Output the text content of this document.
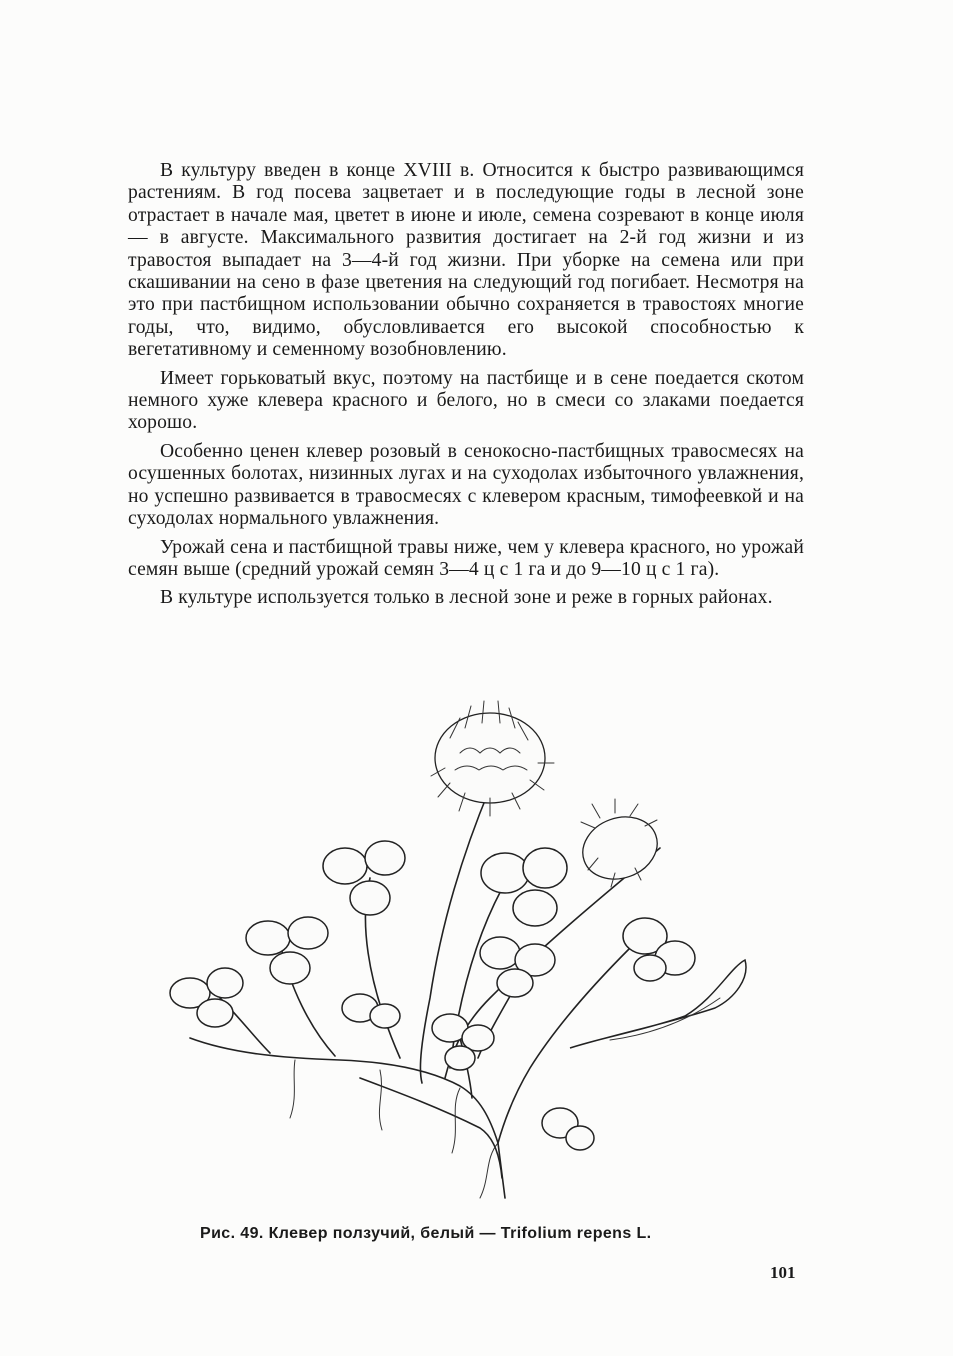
В культуру введен в конце XVIII в. Относится к быстро развивающимся растениям. В год посева зацветает и в последующие годы в лесной зоне отрастает в начале мая, цветет в июне и июле, семена созревают в конце июля — в августе. Максимального развития достигает на 2-й год жизни и из травостоя выпадает на 3—4-й год жизни. При уборке на семена или при скашивании на сено в фазе цветения на следующий год погибает. Несмотря на это при пастбищном использовании обычно сохраняется в травостоях многие годы, что, видимо, обусловливается его высокой способностью к вегетативному и семенному возобновлению.

Имеет горьковатый вкус, поэтому на пастбище и в сене поедается скотом немного хуже клевера красного и белого, но в смеси со злаками поедается хорошо.

Особенно ценен клевер розовый в сенокосно-пастбищных травосмесях на осушенных болотах, низинных лугах и на суходолах избыточного увлажнения, но успешно развивается в травосмесях с клевером красным, тимофеевкой и на суходолах нормального увлажнения.

Урожай сена и пастбищной травы ниже, чем у клевера красного, но урожай семян выше (средний урожай семян 3—4 ц с 1 га и до 9—10 ц с 1 га).

В культуре используется только в лесной зоне и реже в горных районах.

Рис. 49. Клевер ползучий, белый — Trifolium repens L.
101
